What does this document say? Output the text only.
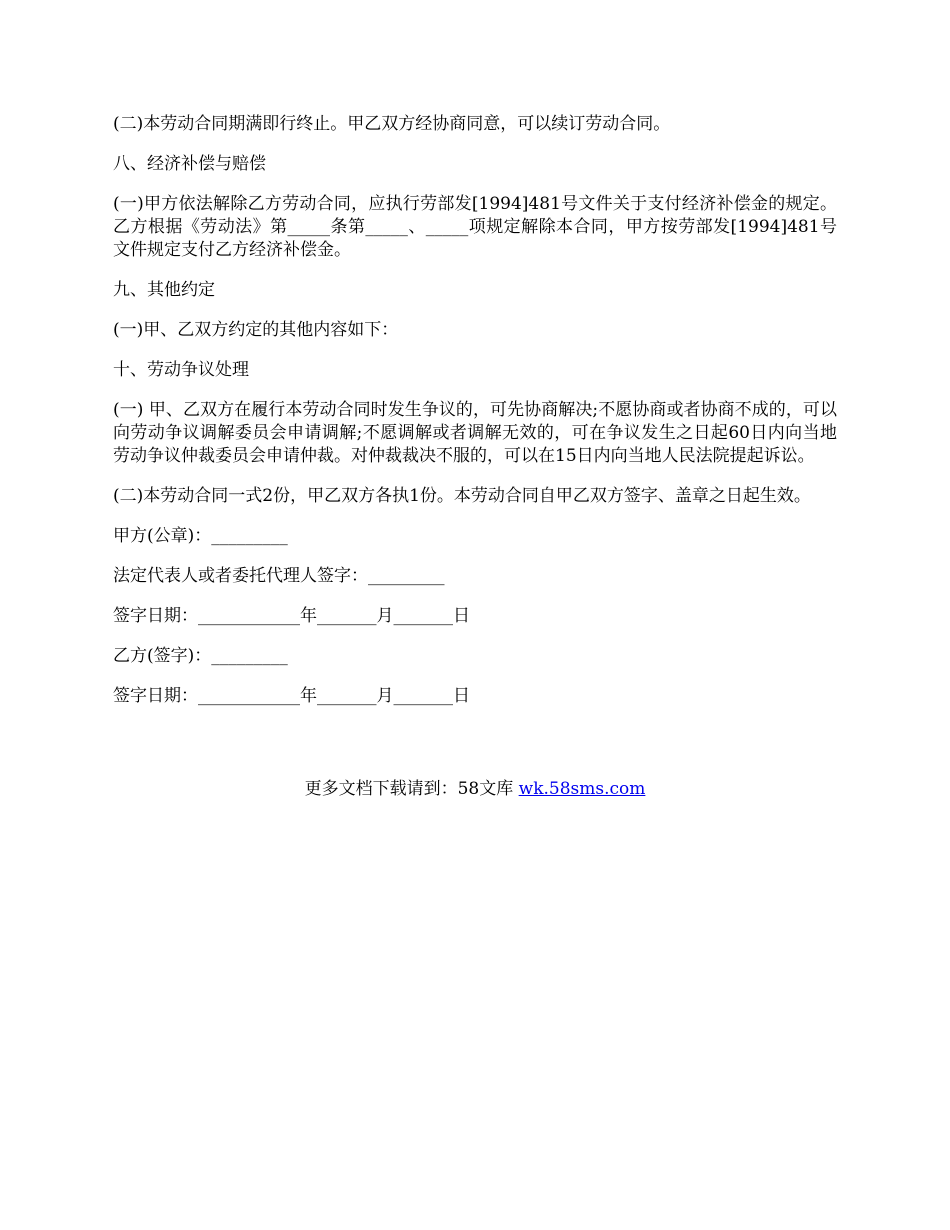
(二)本劳动合同期满即行终止。甲乙双方经协商同意，可以续订劳动合同。

八、经济补偿与赔偿

(一)甲方依法解除乙方劳动合同，应执行劳部发[1994]481号文件关于支付经济补偿金的规定。乙方根据《劳动法》第_____条第_____、_____项规定解除本合同，甲方按劳部发[1994]481号文件规定支付乙方经济补偿金。

九、其他约定

(一)甲、乙双方约定的其他内容如下：

十、劳动争议处理

(一) 甲、乙双方在履行本劳动合同时发生争议的，可先协商解决;不愿协商或者协商不成的，可以向劳动争议调解委员会申请调解;不愿调解或者调解无效的，可在争议发生之日起60日内向当地劳动争议仲裁委员会申请仲裁。对仲裁裁决不服的，可以在15日内向当地人民法院提起诉讼。

(二)本劳动合同一式2份，甲乙双方各执1份。本劳动合同自甲乙双方签字、盖章之日起生效。

甲方(公章)：_________

法定代表人或者委托代理人签字：_________

签字日期：____________年_______月_______日

乙方(签字)：_________

签字日期：____________年_______月_______日

更多文档下载请到：58文库 wk.58sms.com
